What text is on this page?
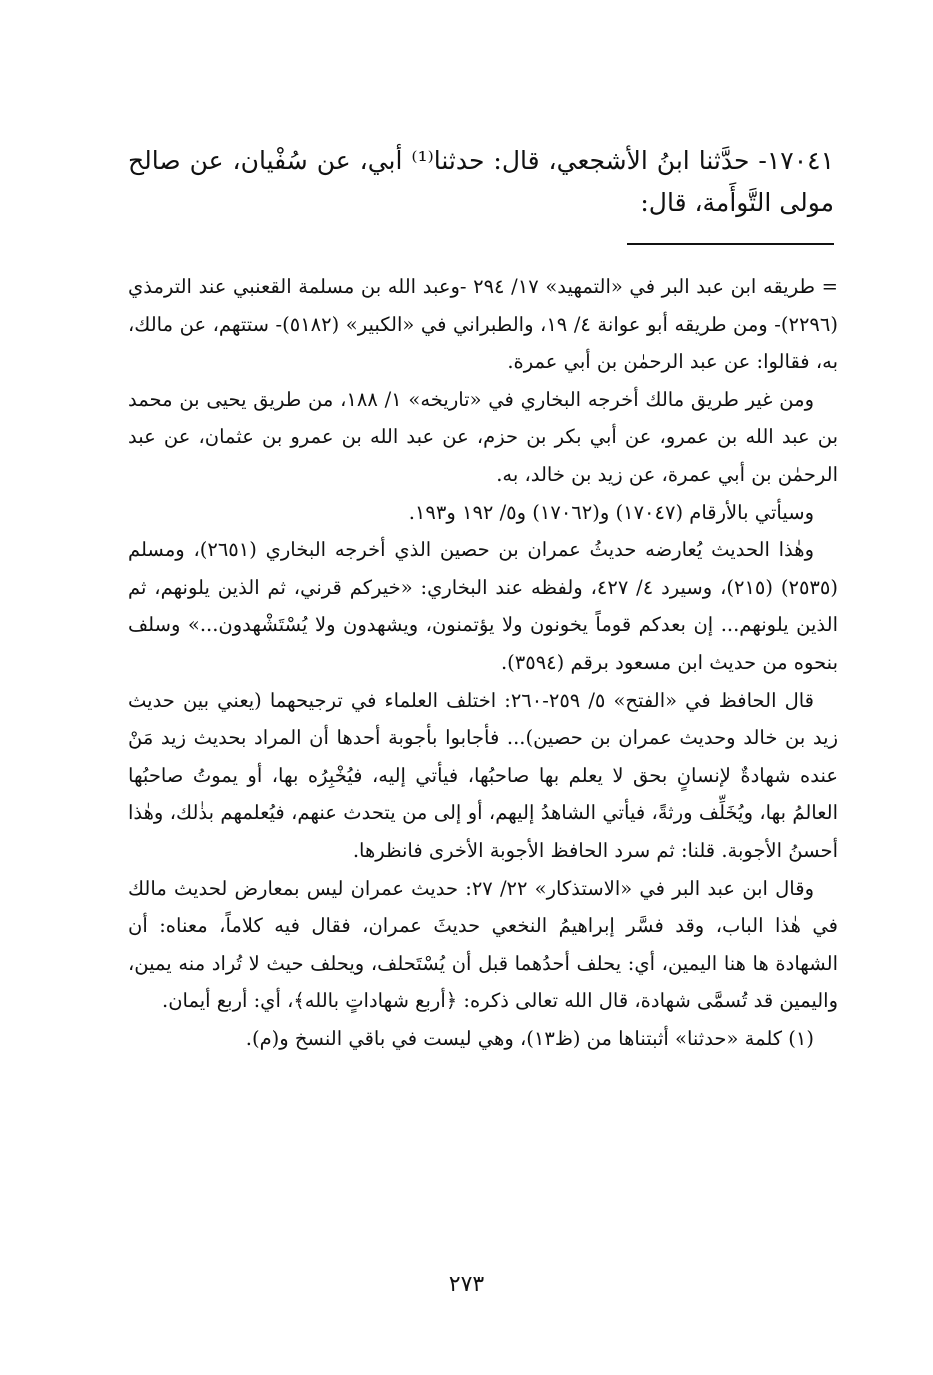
١٧٠٤١- حدَّثنا ابنُ الأشجعي، قال: حدثنا⁽¹⁾ أبي، عن سُفْيان، عن صالح مولى التَّوأَمة، قال:

= طريقه ابن عبد البر في «التمهيد» ١٧/ ٢٩٤ -وعبد الله بن مسلمة القعنبي عند الترمذي (٢٢٩٦)- ومن طريقه أبو عوانة ٤/ ١٩، والطبراني في «الكبير» (٥١٨٢)- ستتهم، عن مالك، به، فقالوا: عن عبد الرحمٰن بن أبي عمرة.

ومن غير طريق مالك أخرجه البخاري في «تاريخه» ١/ ١٨٨، من طريق يحيى بن محمد بن عبد الله بن عمرو، عن أبي بكر بن حزم، عن عبد الله بن عمرو بن عثمان، عن عبد الرحمٰن بن أبي عمرة، عن زيد بن خالد، به.

وسيأتي بالأرقام (١٧٠٤٧) و(١٧٠٦٢) و٥/ ١٩٢ و١٩٣.

وهٰذا الحديث يُعارضه حديثُ عمران بن حصين الذي أخرجه البخاري (٢٦٥١)، ومسلم (٢٥٣٥) (٢١٥)، وسيرد ٤/ ٤٢٧، ولفظه عند البخاري: «خيركم قرني، ثم الذين يلونهم، ثم الذين يلونهم... إن بعدكم قوماً يخونون ولا يؤتمنون، ويشهدون ولا يُسْتَشْهدون...» وسلف بنحوه من حديث ابن مسعود برقم (٣٥٩٤).

قال الحافظ في «الفتح» ٥/ ٢٥٩-٢٦٠: اختلف العلماء في ترجيحهما (يعني بين حديث زيد بن خالد وحديث عمران بن حصين)... فأجابوا بأجوبة أحدها أن المراد بحديث زيد مَنْ عنده شهادةٌ لإنسانٍ بحق لا يعلم بها صاحبُها، فيأتي إليه، فيُخْبِرُه بها، أو يموتُ صاحبُها العالمُ بها، ويُخَلِّف ورثةً، فيأتي الشاهدُ إليهم، أو إلى من يتحدث عنهم، فيُعلمهم بذٰلك، وهٰذا أحسنُ الأجوبة. قلنا: ثم سرد الحافظ الأجوبة الأخرى فانظرها.

وقال ابن عبد البر في «الاستذكار» ٢٢/ ٢٧: حديث عمران ليس بمعارض لحديث مالك في هٰذا الباب، وقد فسَّر إبراهيمُ النخعي حديثَ عمران، فقال فيه كلاماً، معناه: أن الشهادة ها هنا اليمين، أي: يحلف أحدُهما قبل أن يُسْتَحلف، ويحلف حيث لا تُراد منه يمين، واليمين قد تُسمَّى شهادة، قال الله تعالى ذكره: ﴿أربع شهاداتٍ بالله﴾، أي: أربع أيمان.

(١) كلمة «حدثنا» أثبتناها من (ظ١٣)، وهي ليست في باقي النسخ و(م).

٢٧٣
